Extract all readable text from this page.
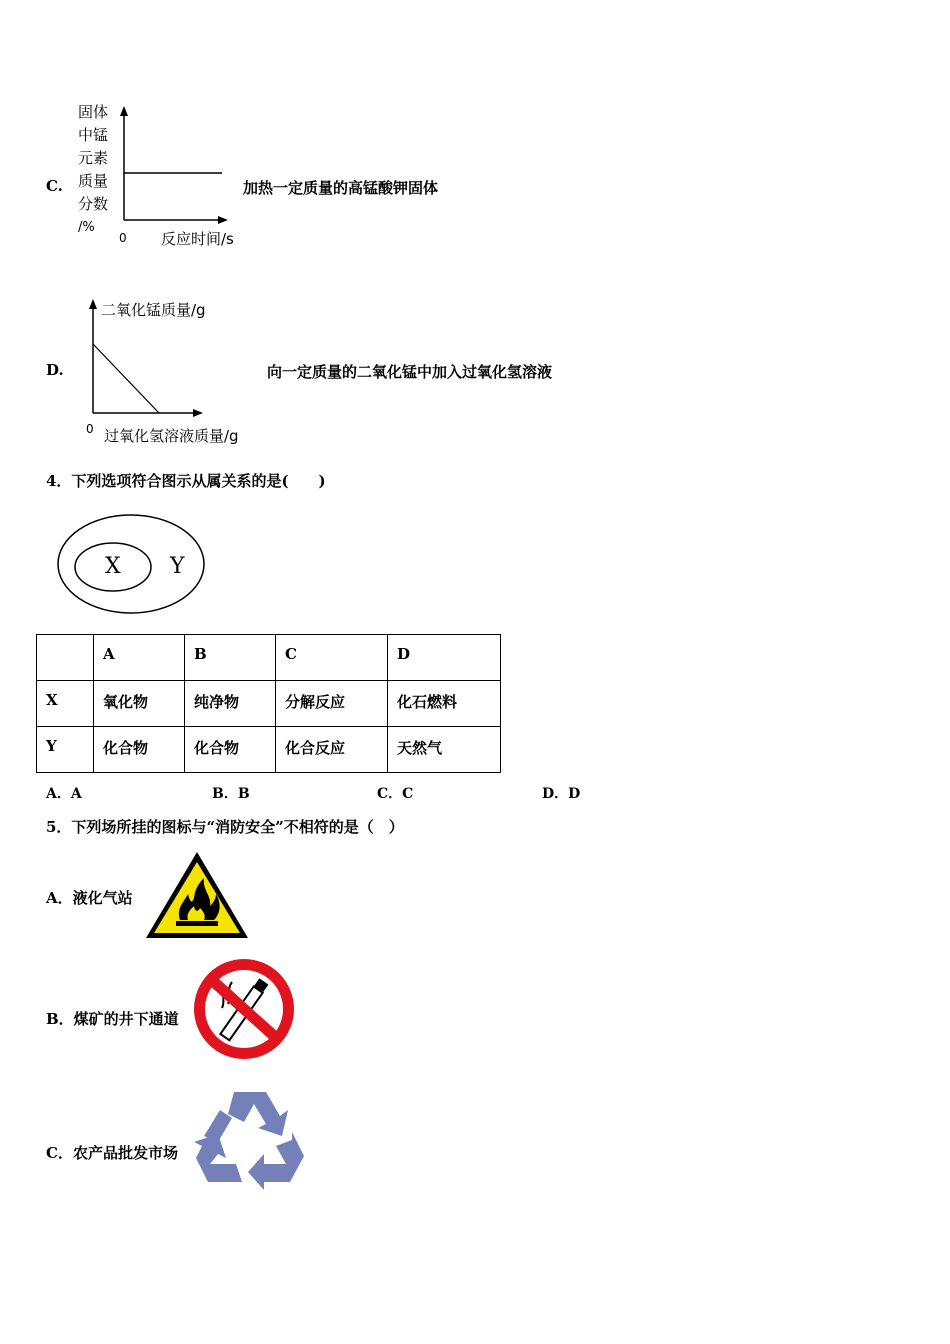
C.
固体
中锰
元素
质量
分数
/%
0 反应时间/s
加热一定质量的高锰酸钾固体
D.
二氧化锰质量/g
0 过氧化氢溶液质量/g
向一定质量的二氧化锰中加入过氧化氢溶液
4．下列选项符合图示从属关系的是(　　)
X Y
	A	B	C	D
X	氧化物	纯净物	分解反应	化石燃料
Y	化合物	化合物	化合反应	天然气
A．A	B．B	C．C	D．D
5．下列场所挂的图标与“消防安全”不相符的是（　）
A．液化气站
B．煤矿的井下通道
C．农产品批发市场
